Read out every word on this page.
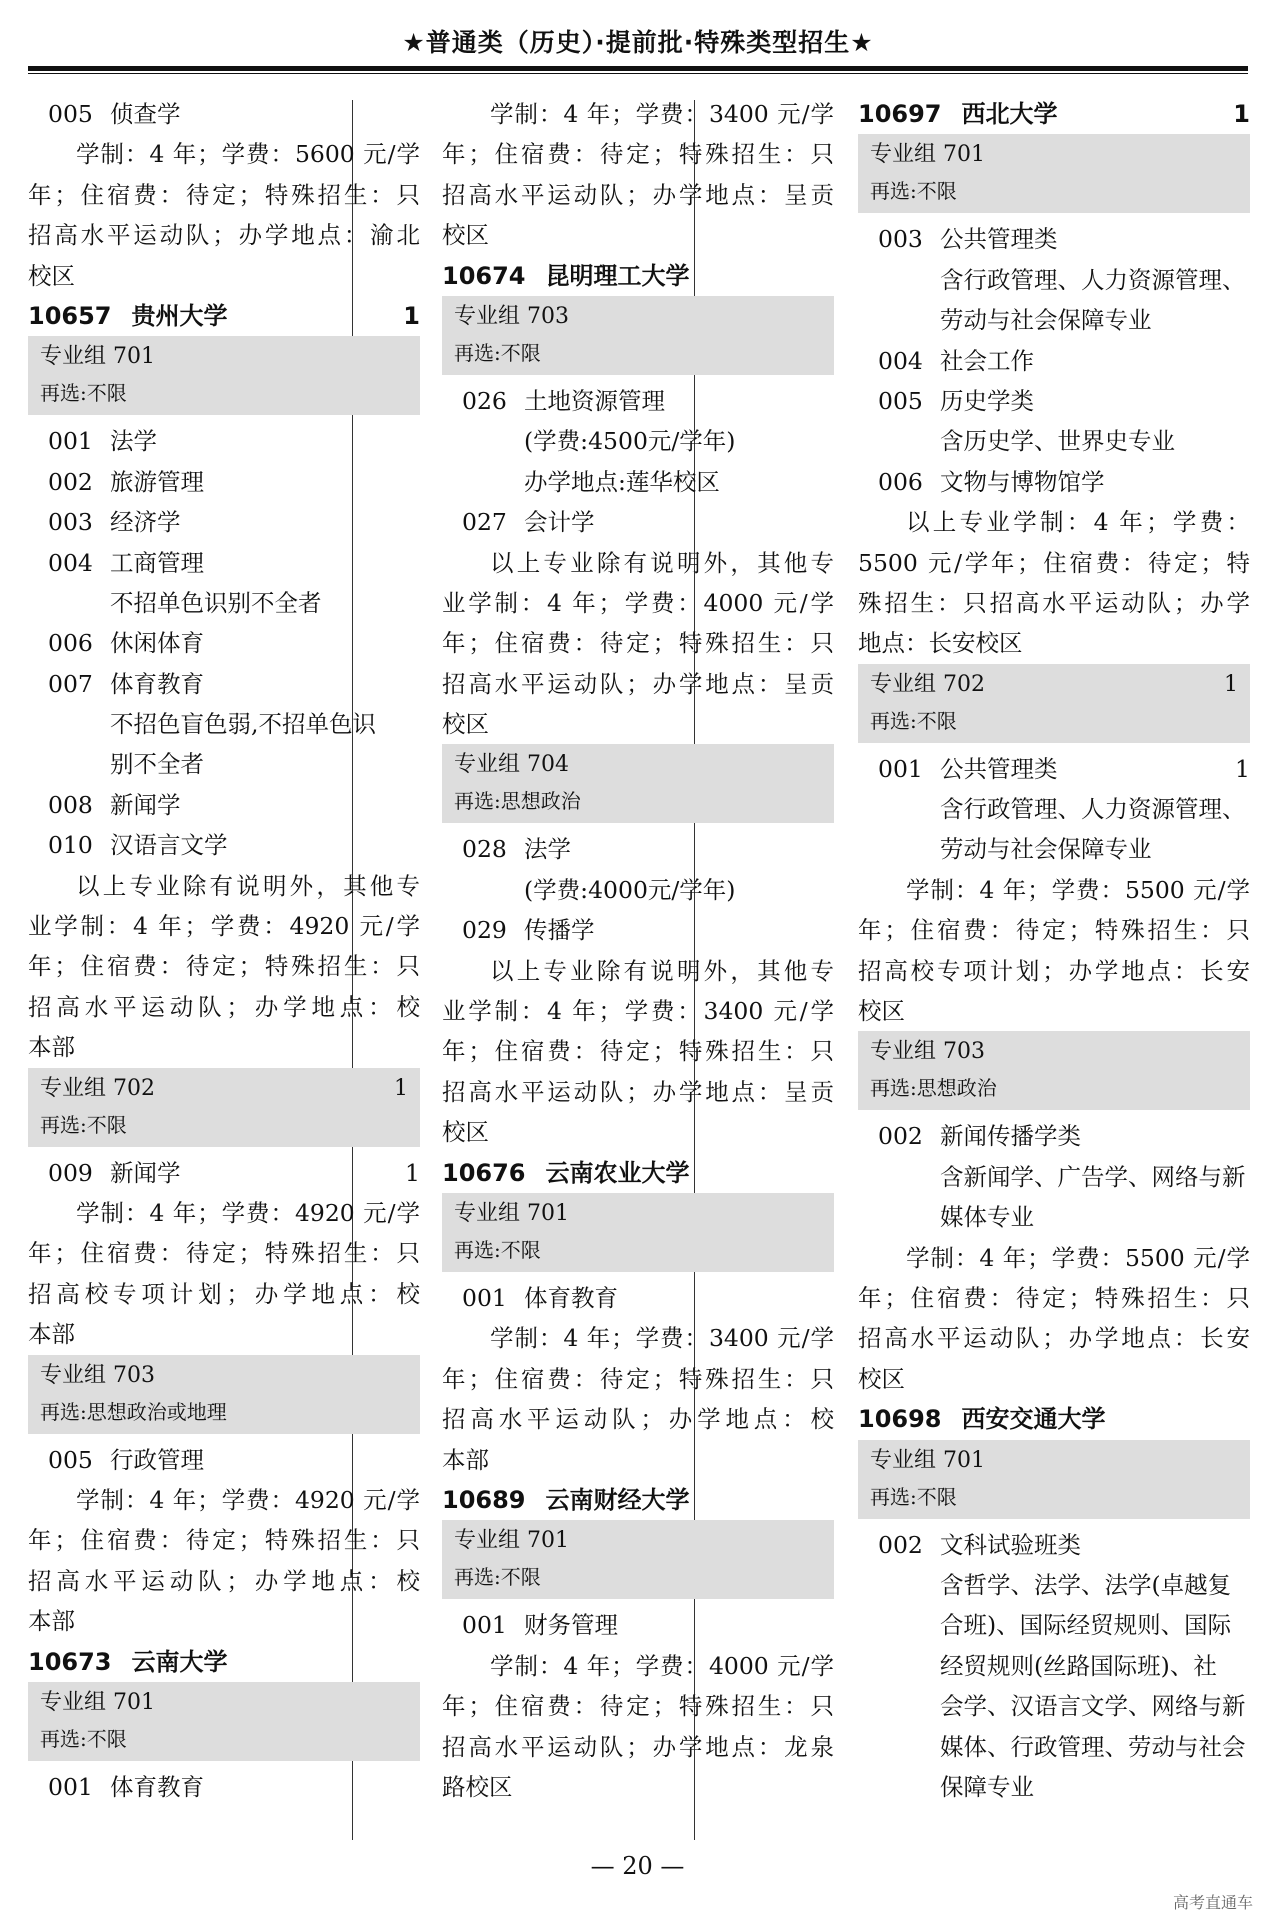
★普通类（历史）·提前批·特殊类型招生★
005 侦查学
学制：4 年；学费：5600 元/学
年；住宿费：待定；特殊招生：只
招高水平运动队；办学地点：渝北
校区
10657 贵州大学	1
专业组 701
再选:不限
001 法学
002 旅游管理
003 经济学
004 工商管理
不招单色识别不全者
006 休闲体育
007 体育教育
不招色盲色弱,不招单色识
别不全者
008 新闻学
010 汉语言文学
以上专业除有说明外，其他专
业学制：4 年；学费：4920 元/学
年；住宿费：待定；特殊招生：只
招高水平运动队；办学地点：校
本部
专业组 702	1
再选:不限
009 新闻学	1
学制：4 年；学费：4920 元/学
年；住宿费：待定；特殊招生：只
招高校专项计划；办学地点：校
本部
专业组 703
再选:思想政治或地理
005 行政管理
学制：4 年；学费：4920 元/学
年；住宿费：待定；特殊招生：只
招高水平运动队；办学地点：校
本部
10673 云南大学
专业组 701
再选:不限
001 体育教育
学制：4 年；学费：3400 元/学
年；住宿费：待定；特殊招生：只
招高水平运动队；办学地点：呈贡
校区
10674 昆明理工大学
专业组 703
再选:不限
026 土地资源管理
(学费:4500元/学年)
办学地点:莲华校区
027 会计学
以上专业除有说明外，其他专
业学制：4 年；学费：4000 元/学
年；住宿费：待定；特殊招生：只
招高水平运动队；办学地点：呈贡
校区
专业组 704
再选:思想政治
028 法学
(学费:4000元/学年)
029 传播学
以上专业除有说明外，其他专
业学制：4 年；学费：3400 元/学
年；住宿费：待定；特殊招生：只
招高水平运动队；办学地点：呈贡
校区
10676 云南农业大学
专业组 701
再选:不限
001 体育教育
学制：4 年；学费：3400 元/学
年；住宿费：待定；特殊招生：只
招高水平运动队；办学地点：校
本部
10689 云南财经大学
专业组 701
再选:不限
001 财务管理
学制：4 年；学费：4000 元/学
年；住宿费：待定；特殊招生：只
招高水平运动队；办学地点：龙泉
路校区
10697 西北大学	1
专业组 701
再选:不限
003 公共管理类
含行政管理、人力资源管理、
劳动与社会保障专业
004 社会工作
005 历史学类
含历史学、世界史专业
006 文物与博物馆学
以上专业学制：4 年；学费：
5500 元/学年；住宿费：待定；特
殊招生：只招高水平运动队；办学
地点：长安校区
专业组 702	1
再选:不限
001 公共管理类	1
含行政管理、人力资源管理、
劳动与社会保障专业
学制：4 年；学费：5500 元/学
年；住宿费：待定；特殊招生：只
招高校专项计划；办学地点：长安
校区
专业组 703
再选:思想政治
002 新闻传播学类
含新闻学、广告学、网络与新
媒体专业
学制：4 年；学费：5500 元/学
年；住宿费：待定；特殊招生：只
招高水平运动队；办学地点：长安
校区
10698 西安交通大学
专业组 701
再选:不限
002 文科试验班类
含哲学、法学、法学(卓越复
合班)、国际经贸规则、国际
经贸规则(丝路国际班)、社
会学、汉语言文学、网络与新
媒体、行政管理、劳动与社会
保障专业
— 20 —
高考直通车
